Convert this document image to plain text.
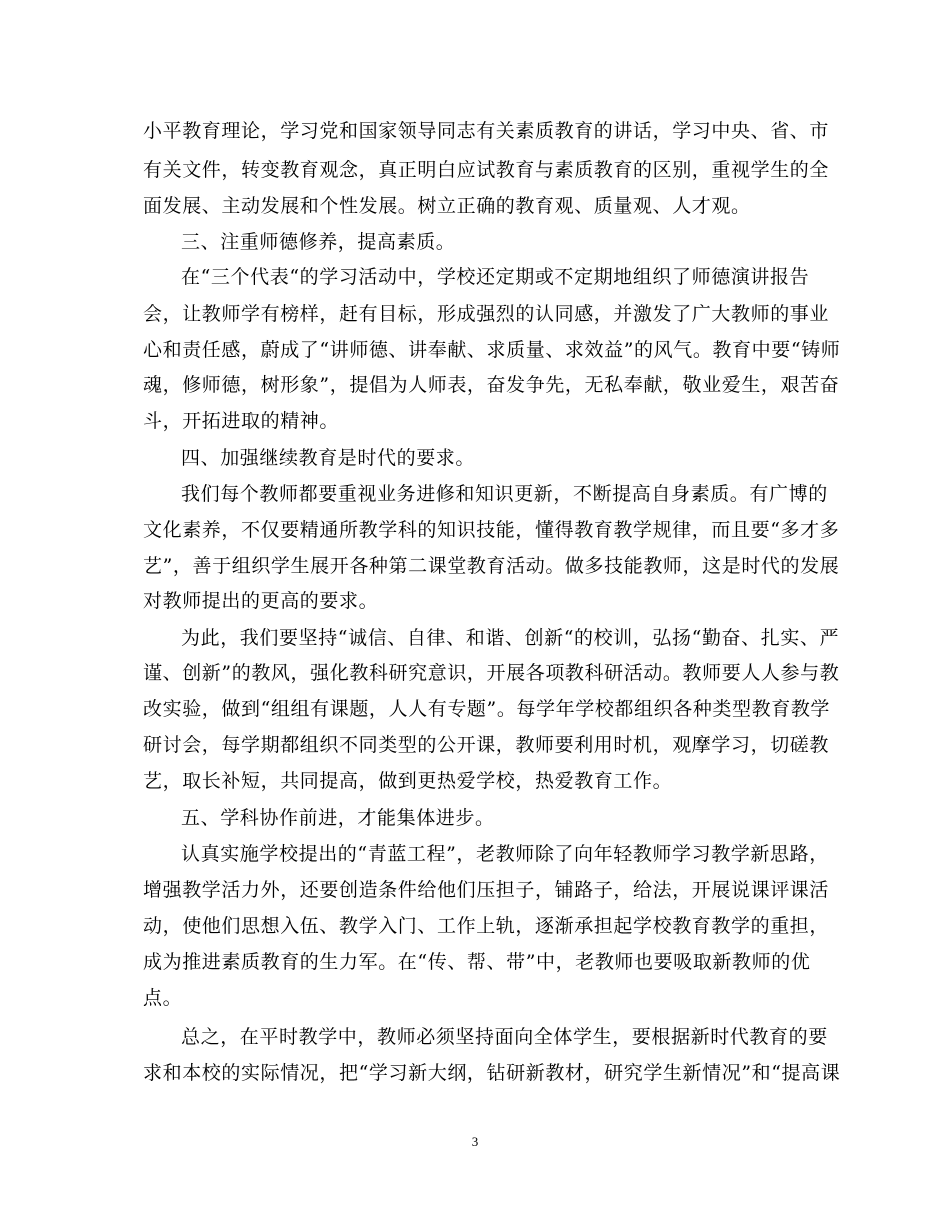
小平教育理论，学习党和国家领导同志有关素质教育的讲话，学习中央、省、市
有关文件，转变教育观念，真正明白应试教育与素质教育的区别，重视学生的全
面发展、主动发展和个性发展。树立正确的教育观、质量观、人才观。
三、注重师德修养，提高素质。
在“三个代表“的学习活动中，学校还定期或不定期地组织了师德演讲报告
会，让教师学有榜样，赶有目标，形成强烈的认同感，并激发了广大教师的事业
心和责任感，蔚成了“讲师德、讲奉献、求质量、求效益”的风气。教育中要“铸师
魂，修师德，树形象”，提倡为人师表，奋发争先，无私奉献，敬业爱生，艰苦奋
斗，开拓进取的精神。
四、加强继续教育是时代的要求。
我们每个教师都要重视业务进修和知识更新，不断提高自身素质。有广博的
文化素养，不仅要精通所教学科的知识技能，懂得教育教学规律，而且要“多才多
艺”，善于组织学生展开各种第二课堂教育活动。做多技能教师，这是时代的发展
对教师提出的更高的要求。
为此，我们要坚持“诚信、自律、和谐、创新“的校训，弘扬“勤奋、扎实、严
谨、创新”的教风，强化教科研究意识，开展各项教科研活动。教师要人人参与教
改实验，做到“组组有课题，人人有专题”。每学年学校都组织各种类型教育教学
研讨会，每学期都组织不同类型的公开课，教师要利用时机，观摩学习，切磋教
艺，取长补短，共同提高，做到更热爱学校，热爱教育工作。
五、学科协作前进，才能集体进步。
认真实施学校提出的“青蓝工程”，老教师除了向年轻教师学习教学新思路，
增强教学活力外，还要创造条件给他们压担子，铺路子，给法，开展说课评课活
动，使他们思想入伍、教学入门、工作上轨，逐渐承担起学校教育教学的重担，
成为推进素质教育的生力军。在“传、帮、带”中，老教师也要吸取新教师的优
点。
总之，在平时教学中，教师必须坚持面向全体学生，要根据新时代教育的要
求和本校的实际情况，把“学习新大纲，钻研新教材，研究学生新情况”和“提高课
3
